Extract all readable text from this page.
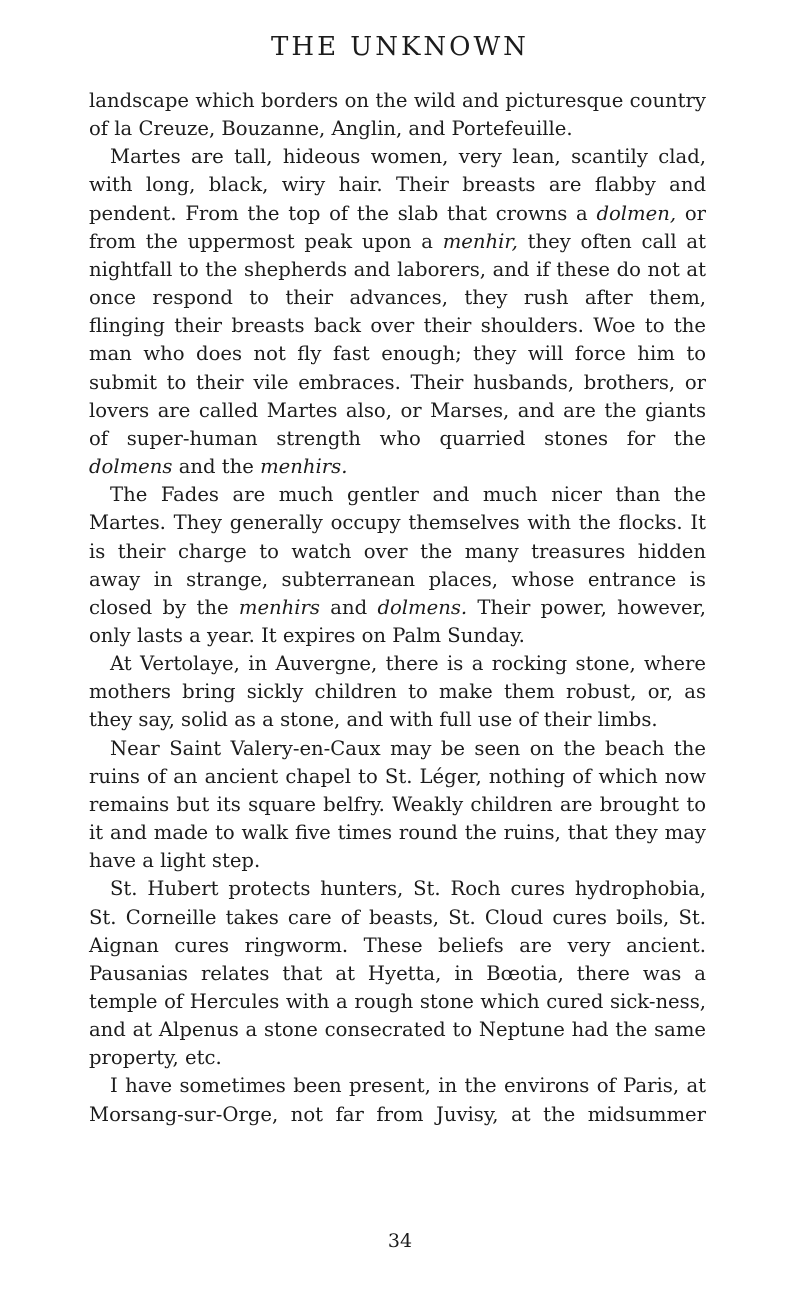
THE UNKNOWN

landscape which borders on the wild and picturesque country of la Creuze, Bouzanne, Anglin, and Portefeuille.

Martes are tall, hideous women, very lean, scantily clad, with long, black, wiry hair. Their breasts are flabby and pendent. From the top of the slab that crowns a dolmen, or from the uppermost peak upon a menhir, they often call at nightfall to the shepherds and laborers, and if these do not at once respond to their advances, they rush after them, flinging their breasts back over their shoulders. Woe to the man who does not fly fast enough; they will force him to submit to their vile embraces. Their husbands, brothers, or lovers are called Martes also, or Marses, and are the giants of super-human strength who quarried stones for the dolmens and the menhirs.

The Fades are much gentler and much nicer than the Martes. They generally occupy themselves with the flocks. It is their charge to watch over the many treasures hidden away in strange, subterranean places, whose entrance is closed by the menhirs and dolmens. Their power, however, only lasts a year. It expires on Palm Sunday.

At Vertolaye, in Auvergne, there is a rocking stone, where mothers bring sickly children to make them robust, or, as they say, solid as a stone, and with full use of their limbs.

Near Saint Valery-en-Caux may be seen on the beach the ruins of an ancient chapel to St. Léger, nothing of which now remains but its square belfry. Weakly children are brought to it and made to walk five times round the ruins, that they may have a light step.

St. Hubert protects hunters, St. Roch cures hydrophobia, St. Corneille takes care of beasts, St. Cloud cures boils, St. Aignan cures ringworm. These beliefs are very ancient. Pausanias relates that at Hyetta, in Bœotia, there was a temple of Hercules with a rough stone which cured sick-ness, and at Alpenus a stone consecrated to Neptune had the same property, etc.

I have sometimes been present, in the environs of Paris, at Morsang-sur-Orge, not far from Juvisy, at the midsummer

34
